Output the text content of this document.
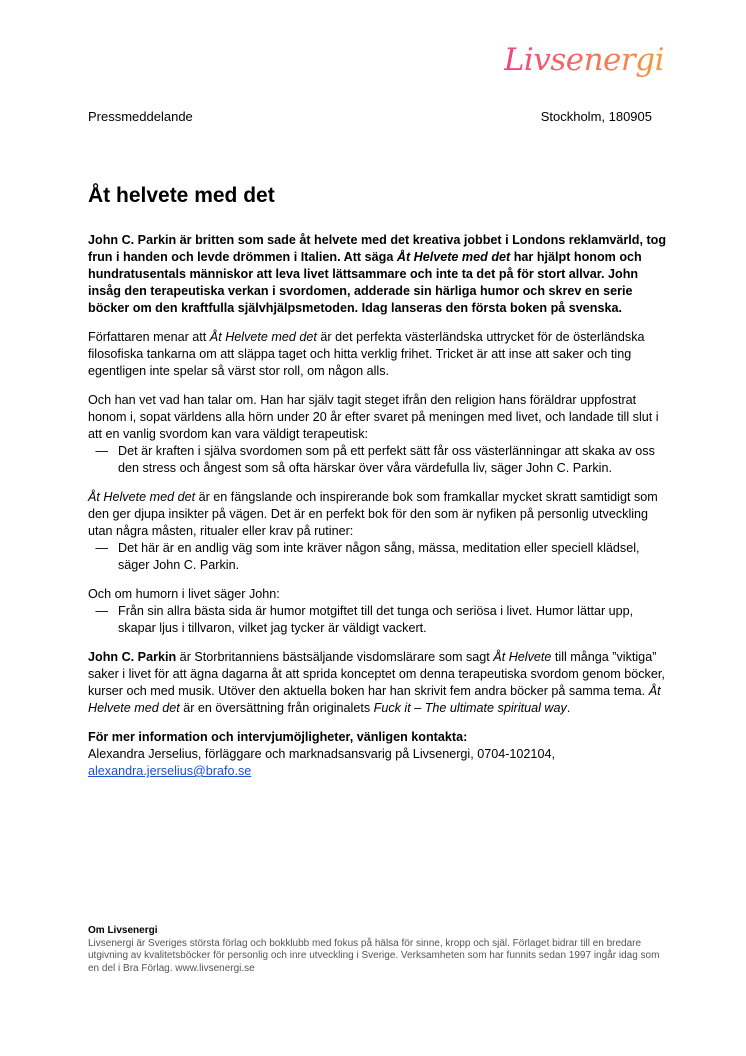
Livsenergi
Pressmeddelande	Stockholm, 180905
Åt helvete med det

John C. Parkin är britten som sade åt helvete med det kreativa jobbet i Londons reklamvärld, tog frun i handen och levde drömmen i Italien. Att säga Åt Helvete med det har hjälpt honom och hundratusentals människor att leva livet lättsammare och inte ta det på för stort allvar. John insåg den terapeutiska verkan i svordomen, adderade sin härliga humor och skrev en serie böcker om den kraftfulla självhjälpsmetoden. Idag lanseras den första boken på svenska.

Författaren menar att Åt Helvete med det är det perfekta västerländska uttrycket för de österländska filosofiska tankarna om att släppa taget och hitta verklig frihet. Tricket är att inse att saker och ting egentligen inte spelar så värst stor roll, om någon alls.

Och han vet vad han talar om. Han har själv tagit steget ifrån den religion hans föräldrar uppfostrat honom i, sopat världens alla hörn under 20 år efter svaret på meningen med livet, och landade till slut i att en vanlig svordom kan vara väldigt terapeutisk:
— Det är kraften i själva svordomen som på ett perfekt sätt får oss västerlänningar att skaka av oss den stress och ångest som så ofta härskar över våra värdefulla liv, säger John C. Parkin.
Åt Helvete med det är en fängslande och inspirerande bok som framkallar mycket skratt samtidigt som den ger djupa insikter på vägen. Det är en perfekt bok för den som är nyfiken på personlig utveckling utan några måsten, ritualer eller krav på rutiner:
— Det här är en andlig väg som inte kräver någon sång, mässa, meditation eller speciell klädsel, säger John C. Parkin.
Och om humorn i livet säger John:
— Från sin allra bästa sida är humor motgiftet till det tunga och seriösa i livet. Humor lättar upp, skapar ljus i tillvaron, vilket jag tycker är väldigt vackert.

John C. Parkin är Storbritanniens bästsäljande visdomslärare som sagt Åt Helvete till många ”viktiga” saker i livet för att ägna dagarna åt att sprida konceptet om denna terapeutiska svordom genom böcker, kurser och med musik. Utöver den aktuella boken har han skrivit fem andra böcker på samma tema. Åt Helvete med det är en översättning från originalets Fuck it – The ultimate spiritual way.

För mer information och intervjumöjligheter, vänligen kontakta:
Alexandra Jerselius, förläggare och marknadsansvarig på Livsenergi, 0704-102104,
alexandra.jerselius@brafo.se
Om Livsenergi
Livsenergi är Sveriges största förlag och bokklubb med fokus på hälsa för sinne, kropp och själ. Förlaget bidrar till en bredare utgivning av kvalitetsböcker för personlig och inre utveckling i Sverige. Verksamheten som har funnits sedan 1997 ingår idag som en del i Bra Förlag. www.livsenergi.se
